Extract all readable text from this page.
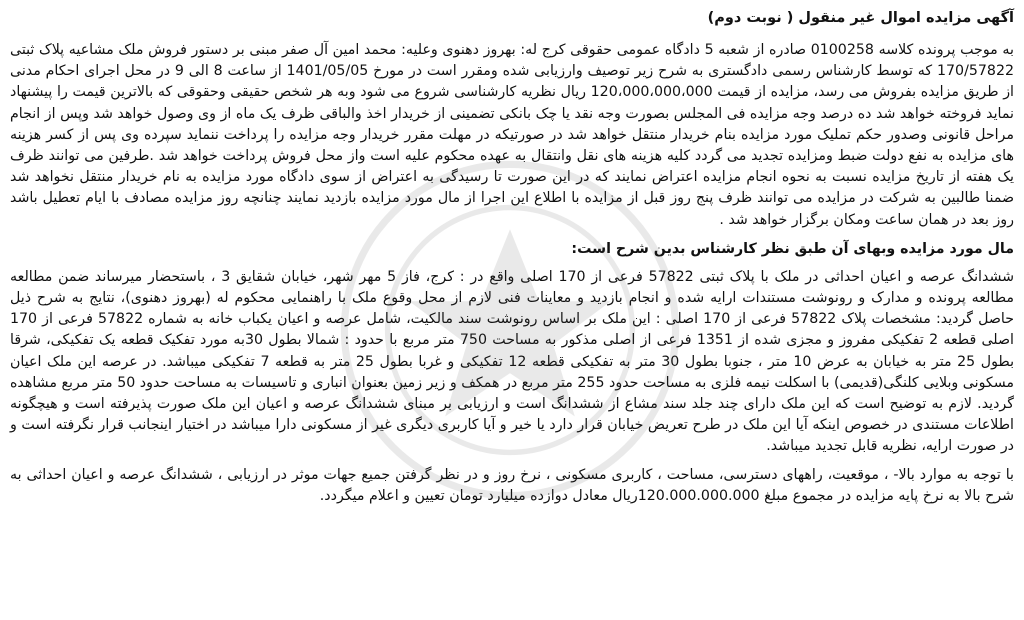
آگهی مزایده اموال غیر منقول ( نوبت دوم)

به موجب پرونده کلاسه 0100258 صادره از شعبه 5 دادگاه عمومی حقوقی کرج له: بهروز دهنوی وعلیه: محمد امین آل صفر مبنی بر دستور فروش ملک مشاعیه پلاک ثبتی 170/57822 که توسط کارشناس رسمی دادگستری به شرح زیر توصیف وارزیابی شده ومقرر است در مورخ 1401/05/05 از ساعت 8 الی 9 در محل اجرای احکام مدنی از طریق مزایده بفروش می رسد، مزایده از قیمت 120،000،000،000 ریال نظریه کارشناسی شروع می شود وبه هر شخص حقیقی وحقوقی که بالاترین قیمت را پیشنهاد نماید فروخته خواهد شد ده درصد وجه مزایده فی المجلس بصورت وجه نقد یا چک بانکی تضمینی از خریدار اخذ والباقی ظرف یک ماه از وی وصول خواهد شد وپس از انجام مراحل قانونی وصدور حکم تملیک مورد مزایده بنام خریدار منتقل خواهد شد در صورتیکه در مهلت مقرر خریدار وجه مزایده را پرداخت ننماید سپرده وی پس از کسر هزینه های مزایده به نفع دولت ضبط ومزایده تجدید می گردد کلیه هزینه های نقل وانتقال به عهده محکوم علیه است واز محل فروش پرداخت خواهد شد .طرفین می توانند ظرف یک هفته از تاریخ مزایده نسبت به نحوه انجام مزایده اعتراض نمایند که در این صورت تا رسیدگی به اعتراض از سوی دادگاه مورد مزایده به نام خریدار منتقل نخواهد شد ضمنا طالبین به شرکت در مزایده می توانند ظرف پنج روز قبل از مزایده با اطلاع این اجرا از مال مورد مزایده بازدید نمایند چنانچه روز مزایده مصادف با ایام تعطیل باشد روز بعد در همان ساعت ومکان برگزار خواهد شد .

مال مورد مزایده وبهای آن طبق نظر کارشناس بدین شرح است:

ششدانگ عرصه و اعیان احداثی در ملک با پلاک ثبتی 57822 فرعی از 170 اصلی واقع در : کرج، فاز 5 مهر شهر، خیابان شقایق 3 ، باستحضار میرساند ضمن مطالعه مطالعه پرونده و مدارک و رونوشت مستندات ارایه شده و انجام بازدید و معاینات فنی لازم از محل وقوع ملک با راهنمایی محکوم له (بهروز دهنوی)، نتایج به شرح ذیل حاصل گردید: مشخصات پلاک 57822 فرعی از 170 اصلی : این ملک بر اساس رونوشت سند مالکیت، شامل عرصه و اعیان یکباب خانه به شماره 57822 فرعی از 170 اصلی قطعه 2 تفکیکی مفروز و مجزی شده از 1351 فرعی از اصلی مذکور به مساحت 750 متر مربع با حدود : شمالا بطول 30به مورد تفکیک قطعه یک تفکیکی، شرقا بطول 25 متر به خیابان به عرض 10 متر ، جنوبا بطول 30 متر به تفکیکی قطعه 12 تفکیکی و غربا بطول 25 متر به قطعه 7 تفکیکی میباشد. در عرصه این ملک اعیان مسکونی وبلایی کلنگی(قدیمی) با اسکلت نیمه فلزی به مساحت حدود 255 متر مربع در همکف و زیر زمین بعنوان انباری و تاسیسات به مساحت حدود 50 متر مربع مشاهده گردید. لازم به توضیح است که این ملک دارای چند جلد سند مشاع از ششدانگ است و ارزیابی بر مبنای ششدانگ عرصه و اعیان این ملک صورت پذیرفته است و هیچگونه اطلاعات مستندی در خصوص اینکه آیا این ملک در طرح تعریض خیابان قرار دارد یا خیر و آیا کاربری دیگری غیر از مسکونی دارا میباشد در اختیار اینجانب قرار نگرفته است و در صورت ارایه، نظریه قابل تجدید میباشد.

با توجه به موارد بالا- ، موقعیت، راههای دسترسی، مساحت ، کاربری مسکونی ، نرخ روز و در نظر گرفتن جمیع جهات موثر در ارزیابی ، ششدانگ عرصه و اعیان احداثی به شرح بالا به نرخ پایه مزایده در مجموع مبلغ 120.000.000.000ریال معادل دوازده میلیارد تومان تعیین و اعلام میگردد.
